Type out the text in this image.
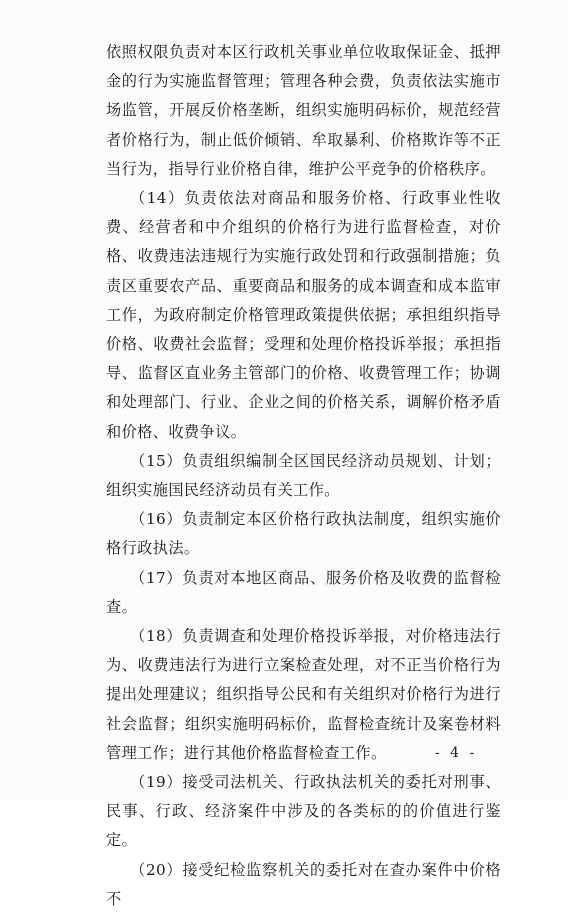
依照权限负责对本区行政机关事业单位收取保证金、抵押金的行为实施监督管理；管理各种会费，负责依法实施市场监管，开展反价格垄断，组织实施明码标价，规范经营者价格行为，制止低价倾销、牟取暴利、价格欺诈等不正当行为，指导行业价格自律，维护公平竞争的价格秩序。

（14）负责依法对商品和服务价格、行政事业性收费、经营者和中介组织的价格行为进行监督检查，对价格、收费违法违规行为实施行政处罚和行政强制措施；负责区重要农产品、重要商品和服务的成本调查和成本监审工作，为政府制定价格管理政策提供依据；承担组织指导价格、收费社会监督；受理和处理价格投诉举报；承担指导、监督区直业务主管部门的价格、收费管理工作；协调和处理部门、行业、企业之间的价格关系，调解价格矛盾和价格、收费争议。

（15）负责组织编制全区国民经济动员规划、计划；组织实施国民经济动员有关工作。

（16）负责制定本区价格行政执法制度，组织实施价格行政执法。

（17）负责对本地区商品、服务价格及收费的监督检查。

（18）负责调查和处理价格投诉举报，对价格违法行为、收费违法行为进行立案检查处理，对不正当价格行为提出处理建议；组织指导公民和有关组织对价格行为进行社会监督；组织实施明码标价，监督检查统计及案卷材料管理工作；进行其他价格监督检查工作。

（19）接受司法机关、行政执法机关的委托对刑事、民事、行政、经济案件中涉及的各类标的的价值进行鉴定。

（20）接受纪检监察机关的委托对在查办案件中价格不

- 4 -
